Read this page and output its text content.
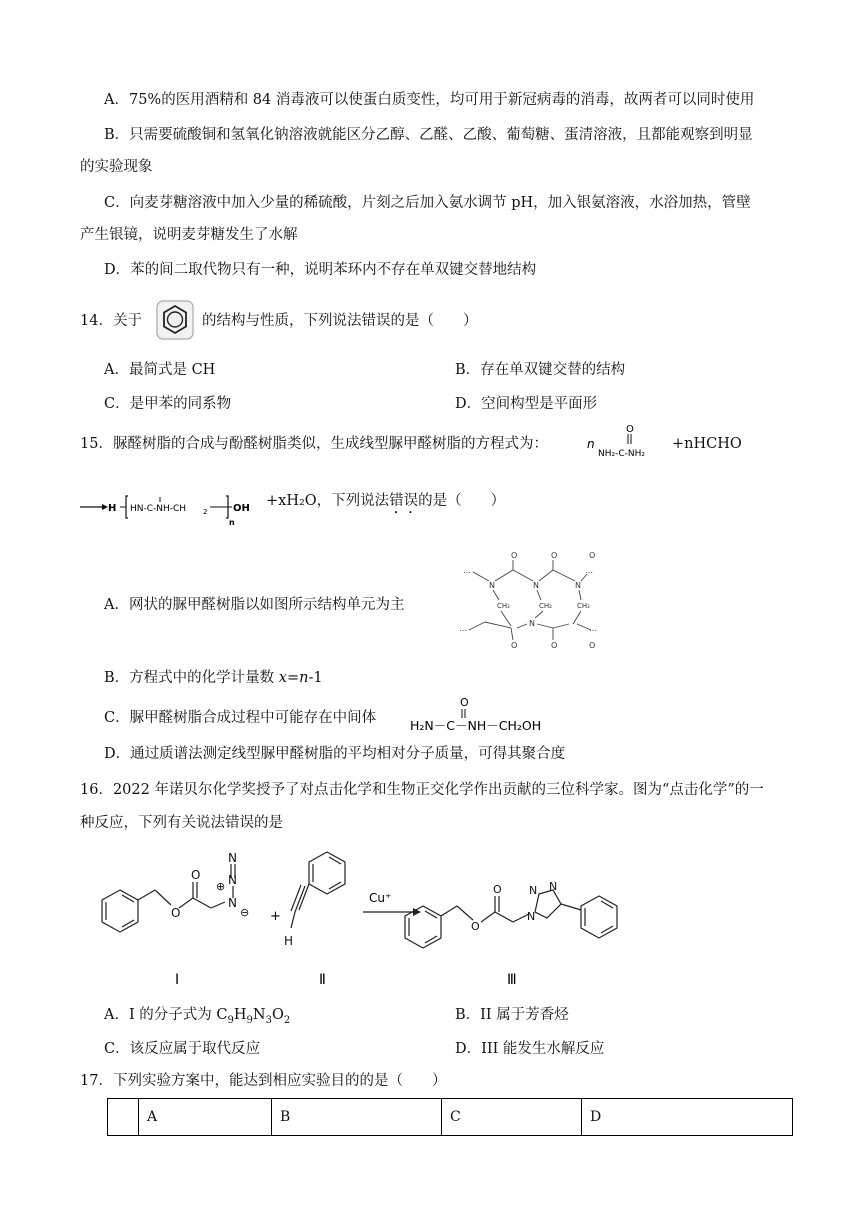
A．75%的医用酒精和 84 消毒液可以使蛋白质变性，均可用于新冠病毒的消毒，故两者可以同时使用
B．只需要硫酸铜和氢氧化钠溶液就能区分乙醇、乙醛、乙酸、葡萄糖、蛋清溶液，且都能观察到明显
的实验现象
C．向麦芽糖溶液中加入少量的稀硫酸，片刻之后加入氨水调节 pH，加入银氨溶液，水浴加热，管壁
产生银镜，说明麦芽糖发生了水解
D．苯的间二取代物只有一种，说明苯环内不存在单双键交替地结构
14．关于	的结构与性质，下列说法错误的是（　　）
A．最简式是 CH	B．存在单双键交替的结构
C．是甲苯的同系物	D．空间构型是平面形
15．脲醛树脂的合成与酚醛树脂类似，生成线型脲甲醛树脂的方程式为：	n
O
NH₂-C-NH₂
+nHCHO
H HN-C-NH-CH 2
n
OH +xH₂O，下列说法错误的是（　　）
A．网状的脲甲醛树脂以如图所示结构单元为主
⋯	⋯
⋯	⋯
O	O	O
N	N	N
N
CH₂	CH₂	CH₂
O	O	O
B．方程式中的化学计量数 x=n-1
C．脲甲醛树脂合成过程中可能存在中间体
O
H₂N－C－NH－CH₂OH
D．通过质谱法测定线型脲甲醛树脂的平均相对分子质量，可得其聚合度
16．2022 年诺贝尔化学奖授予了对点击化学和生物正交化学作出贡献的三位科学家。图为“点击化学”的一
种反应，下列有关说法错误的是
O
O
N
N
N
⊕
⊖ +
H
Cu⁺
O
O
N
N N
I	Ⅱ	Ⅲ
A．I 的分子式为 $C_9H_9N_3O_2$	B．II 属于芳香烃
C．该反应属于取代反应	D．III 能发生水解反应
17．下列实验方案中，能达到相应实验目的的是（　　）
	A	B	C	D
